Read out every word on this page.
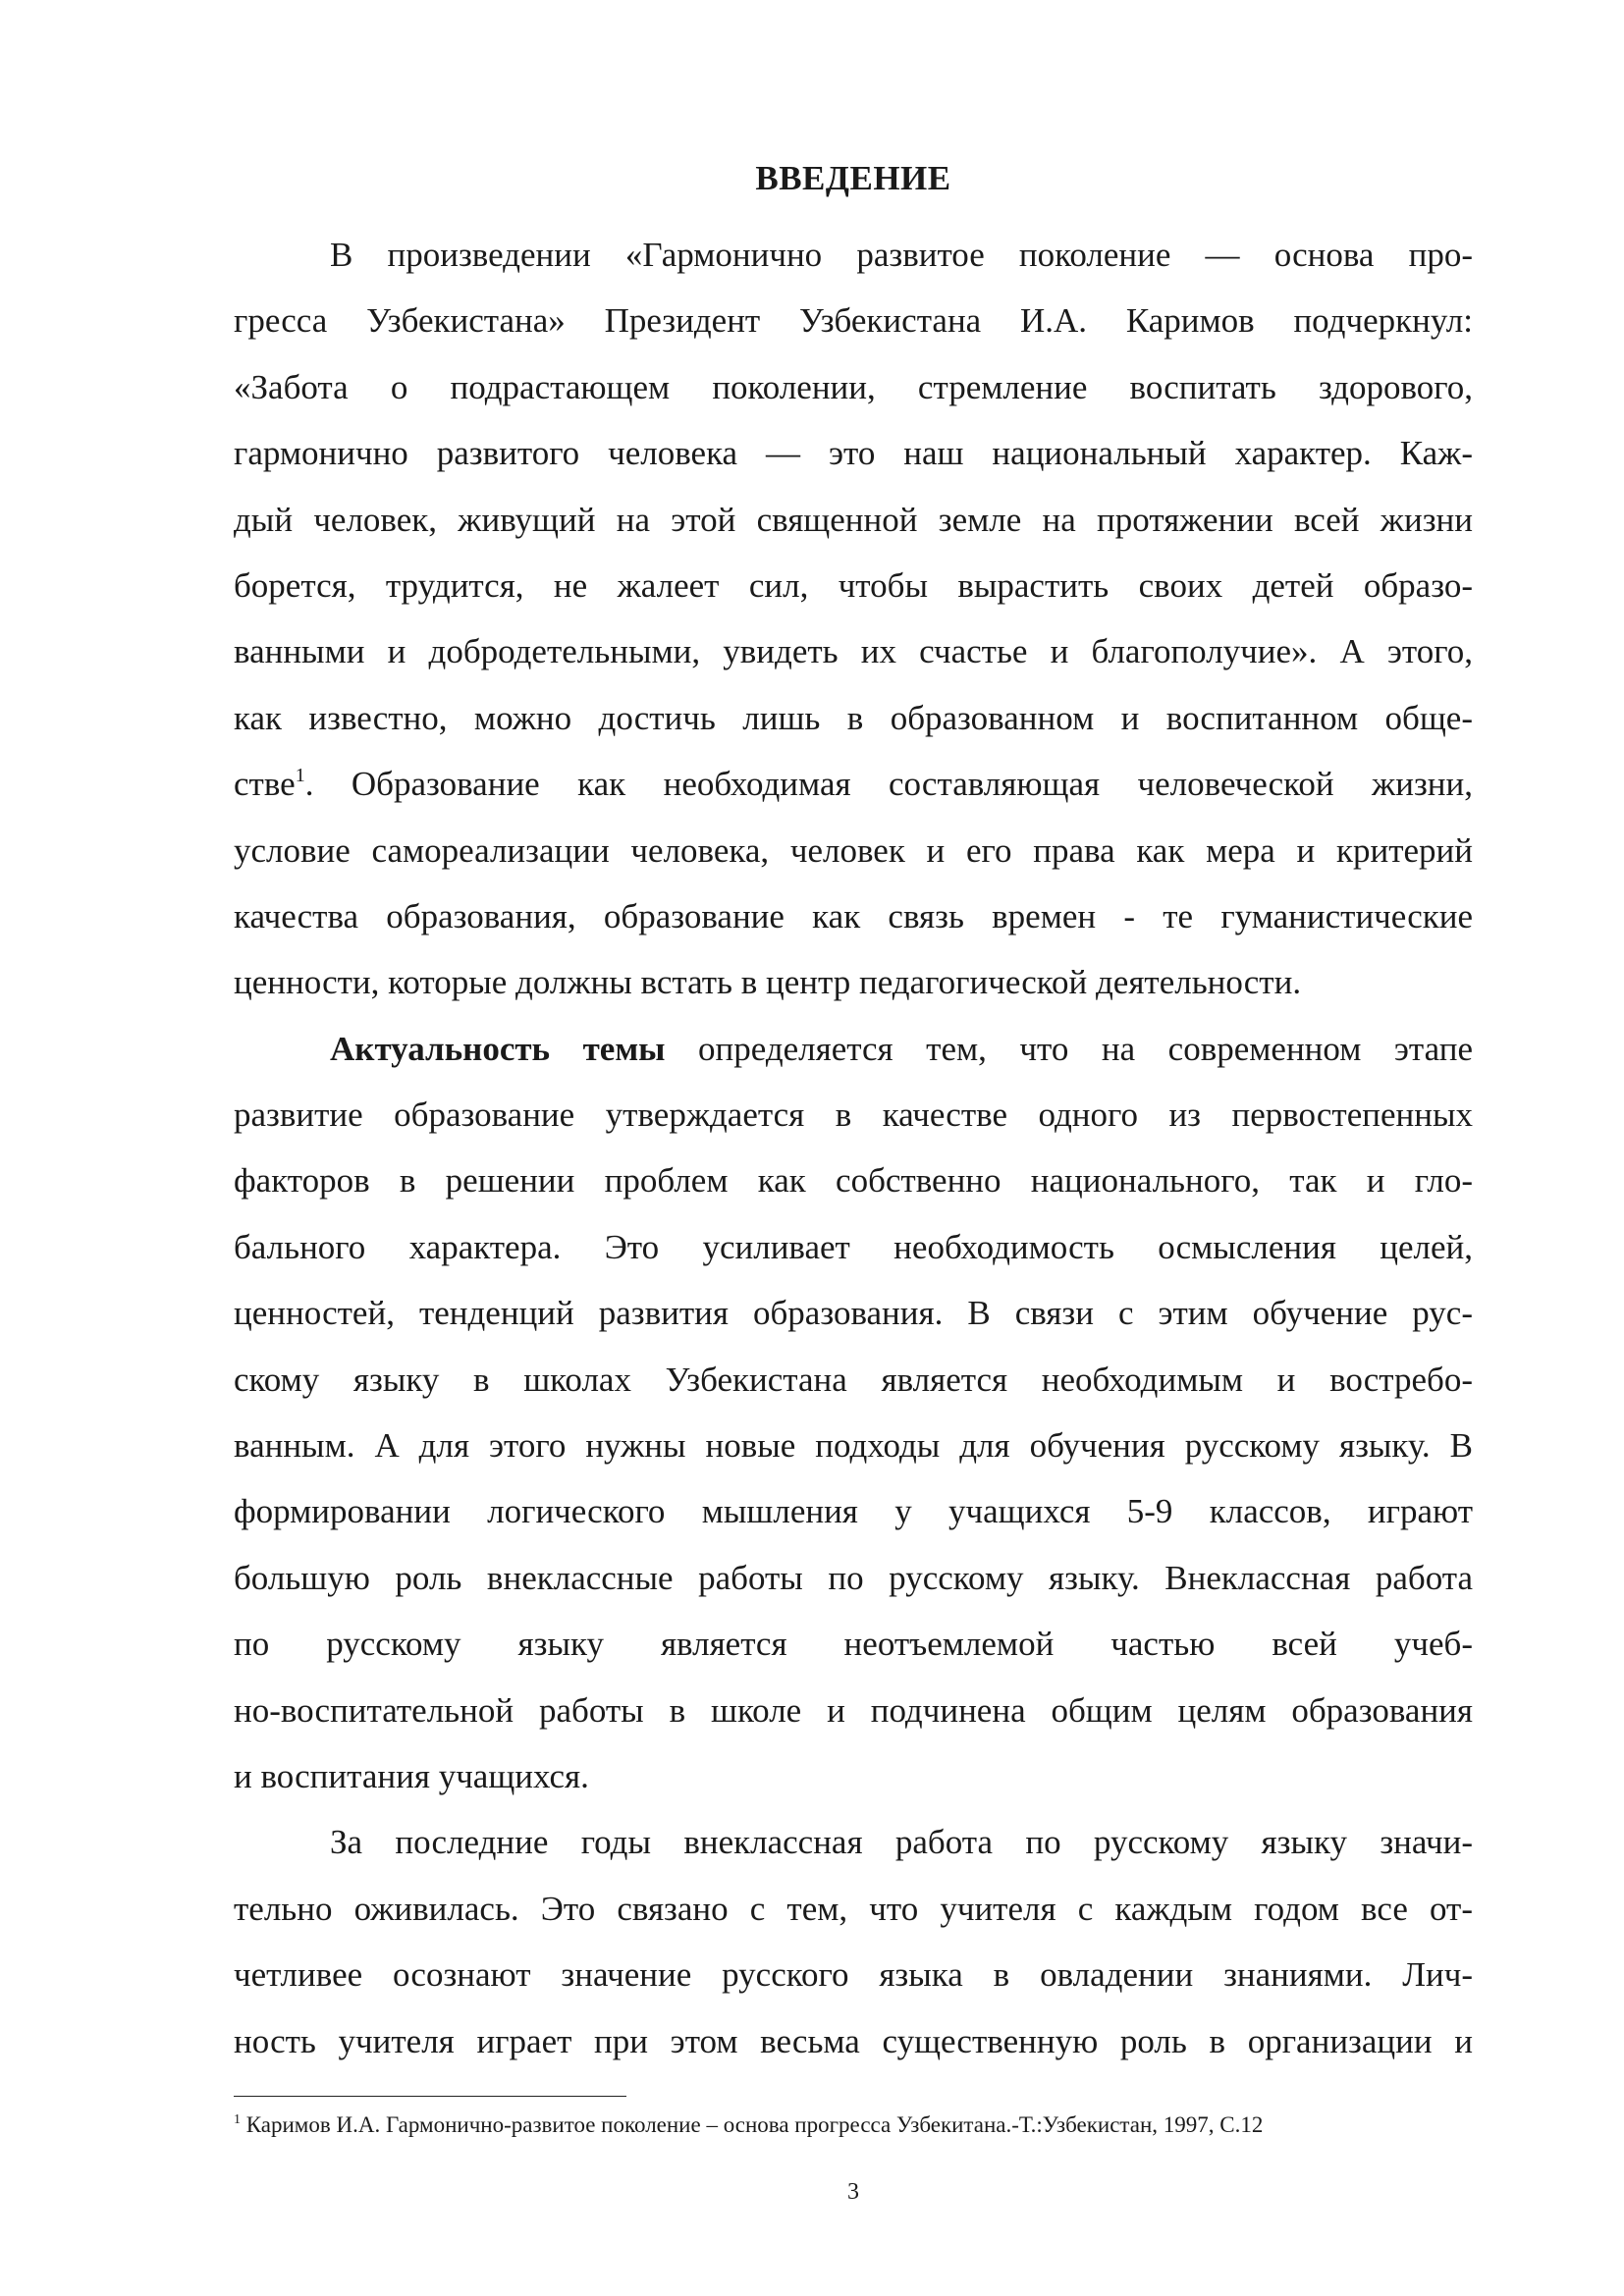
ВВЕДЕНИЕ
В произведении «Гармонично развитое поколение — основа про-
гресса Узбекистана» Президент Узбекистана И.А. Каримов подчеркнул:
«Забота о подрастающем поколении, стремление воспитать здорового,
гармонично развитого человека — это наш национальный характер. Каж-
дый человек, живущий на этой священной земле на протяжении всей жизни
борется, трудится, не жалеет сил, чтобы вырастить своих детей образо-
ванными и добродетельными, увидеть их счастье и благополучие». А этого,
как известно, можно достичь лишь в образованном и воспитанном обще-
стве$^1$. Образование как необходимая составляющая человеческой жизни,
условие самореализации человека, человек и его права как мера и критерий
качества образования, образование как связь времен - те гуманистические
ценности, которые должны встать в центр педагогической деятельности.
Актуальность темы определяется тем, что на современном этапе
развитие образование утверждается в качестве одного из первостепенных
факторов в решении проблем как собственно национального, так и гло-
бального характера. Это усиливает необходимость осмысления целей,
ценностей, тенденций развития образования. В связи с этим обучение рус-
скому языку в школах Узбекистана является необходимым и востребо-
ванным. А для этого нужны новые подходы для обучения русскому языку. В
формировании логического мышления у учащихся 5-9 классов, играют
большую роль внеклассные работы по русскому языку. Внеклассная работа
по русскому языку является неотъемлемой частью всей учеб-
но-воспитательной работы в школе и подчинена общим целям образования
и воспитания учащихся.
За последние годы внеклассная работа по русскому языку значи-
тельно оживилась. Это связано с тем, что учителя с каждым годом все от-
четливее осознают значение русского языка в овладении знаниями. Лич-
ность учителя играет при этом весьма существенную роль в организации и
$^1$ Каримов И.А. Гармонично-развитое поколение – основа прогресса Узбекитана.-Т.:Узбекистан, 1997, С.12
3
